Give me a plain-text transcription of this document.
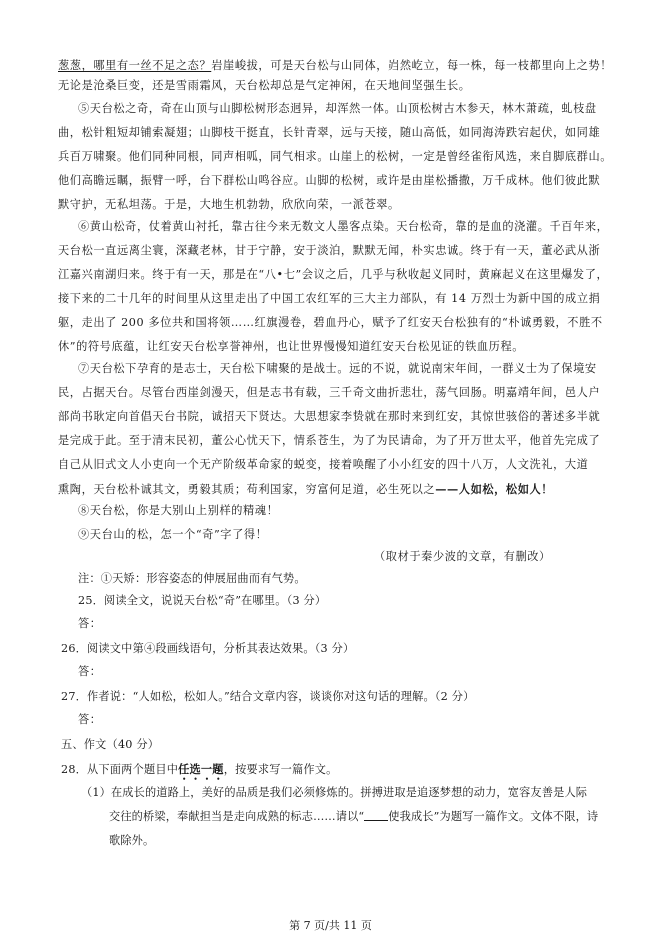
葱葱，哪里有一丝不足之态？岩崖峻拔，可是天台松与山同体，岿然屹立，每一株，每一枝都里向上之势！
无论是沧桑巨变，还是雪雨霜风，天台松却总是气定神闲，在天地间坚强生长。
⑤天台松之奇，奇在山顶与山脚松树形态迥异，却浑然一体。山顶松树古木参天，林木萧疏，虬枝盘
曲，松针粗短却铺索凝翅；山脚枝干挺直，长针青翠，远与天接，随山高低，如同海涛跌宕起伏，如同雄
兵百万啸聚。他们同种同根，同声相呱，同气相求。山崖上的松树，一定是曾经雀衔风选，来自脚底群山。
他们高瞻远瞩，振臂一呼，台下群松山鸣谷应。山脚的松树，或许是由崖松播撒，万千成林。他们彼此默
默守护，无私坦荡。于是，大地生机勃勃，欣欣向荣，一派苍翠。
⑥黄山松奇，仗着黄山衬托，靠古往今来无数文人墨客点染。天台松奇，靠的是血的浇灌。千百年来，
天台松一直远离尘寰，深藏老林，甘于宁静，安于淡泊，默默无闻，朴实忠诚。终于有一天，董必武从浙
江嘉兴南湖归来。终于有一天，那是在“八•七”会议之后，几乎与秋收起义同时，黄麻起义在这里爆发了，
接下来的二十几年的时间里从这里走出了中国工农红军的三大主力部队，有 14 万烈士为新中国的成立捐
躯，走出了 200 多位共和国将领……红旗漫卷，碧血丹心，赋予了红安天台松独有的“朴诚勇毅，不胜不
休”的符号底蕴，让红安天台松享誉神州，也让世界慢慢知道红安天台松见证的铁血历程。
⑦天台松下孕育的是志士，天台松下啸聚的是战士。远的不说，就说南宋年间，一群义士为了保境安
民，占据天台。尽管台西崖剑漫天，但是志书有载，三千奇文曲折悲壮，荡气回肠。明嘉靖年间，邑人户
部尚书耿定向首倡天台书院，诚招天下贤达。大思想家李贽就在那时来到红安，其惊世骇俗的著述多半就
是完成于此。至于清末民初，董公心忧天下，情系苍生，为了为民请命，为了开万世太平，他首先完成了
自己从旧式文人小吏向一个无产阶级革命家的蜕变，接着唤醒了小小红安的四十八万，人文洗礼，大道
熏陶，天台松朴诚其文，勇毅其质；苟利国家，穷富何足道，必生死以之——人如松，松如人！
⑧天台松，你是大别山上别样的精魂！
⑨天台山的松，怎一个“奇”字了得！
（取材于秦少波的文章，有删改）
注：①天矫：形容姿态的伸展屈曲而有气势。
25．阅读全文，说说天台松“奇”在哪里。（3 分）
答：
26．阅读文中第④段画线语句，分析其表达效果。（3 分）
答：
27．作者说：“人如松，松如人。”结合文章内容，谈谈你对这句话的理解。（2 分）
答：
五、作文（40 分）
28．从下面两个题目中任选一题，按要求写一篇作文。
（1）在成长的道路上，美好的品质是我们必须修炼的。拼搏进取是追逐梦想的动力，宽容友善是人际
交往的桥梁，奉献担当是走向成熟的标志……请以“ 使我成长”为题写一篇作文。文体不限，诗
歌除外。
第 7 页/共 11 页
